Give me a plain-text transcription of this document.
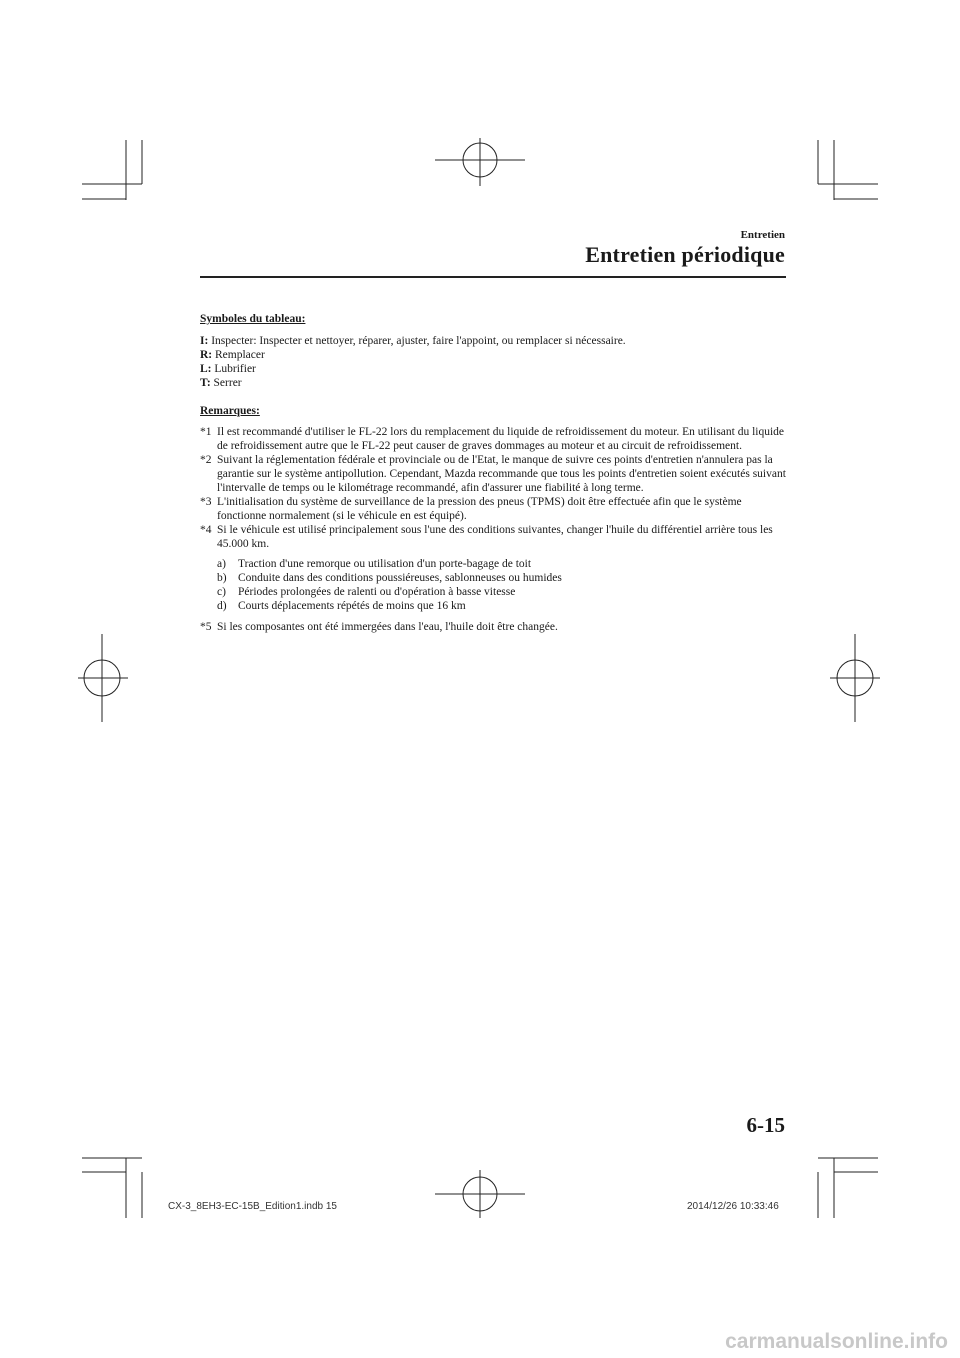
Entretien
Entretien périodique

Symboles du tableau:

I: Inspecter: Inspecter et nettoyer, réparer, ajuster, faire l'appoint, ou remplacer si nécessaire.

R: Remplacer

L: Lubrifier

T: Serrer

Remarques:

*1 Il est recommandé d'utiliser le FL-22 lors du remplacement du liquide de refroidissement du moteur. En utilisant du liquide de refroidissement autre que le FL-22 peut causer de graves dommages au moteur et au circuit de refroidissement.
*2 Suivant la réglementation fédérale et provinciale ou de l'Etat, le manque de suivre ces points d'entretien n'annulera pas la garantie sur le système antipollution. Cependant, Mazda recommande que tous les points d'entretien soient exécutés suivant l'intervalle de temps ou le kilométrage recommandé, afin d'assurer une fiabilité à long terme.
*3 L'initialisation du système de surveillance de la pression des pneus (TPMS) doit être effectuée afin que le système fonctionne normalement (si le véhicule en est équipé).
*4 Si le véhicule est utilisé principalement sous l'une des conditions suivantes, changer l'huile du différentiel arrière tous les 45.000 km.
a)	Traction d'une remorque ou utilisation d'un porte-bagage de toit
b) Conduite dans des conditions poussiéreuses, sablonneuses ou humides
c)	Périodes prolongées de ralenti ou d'opération à basse vitesse
d) Courts déplacements répétés de moins que 16 km
*5 Si les composantes ont été immergées dans l'eau, l'huile doit être changée.
6-15
CX-3_8EH3-EC-15B_Edition1.indb 15	2014/12/26 10:33:46
carmanualsonline.info
